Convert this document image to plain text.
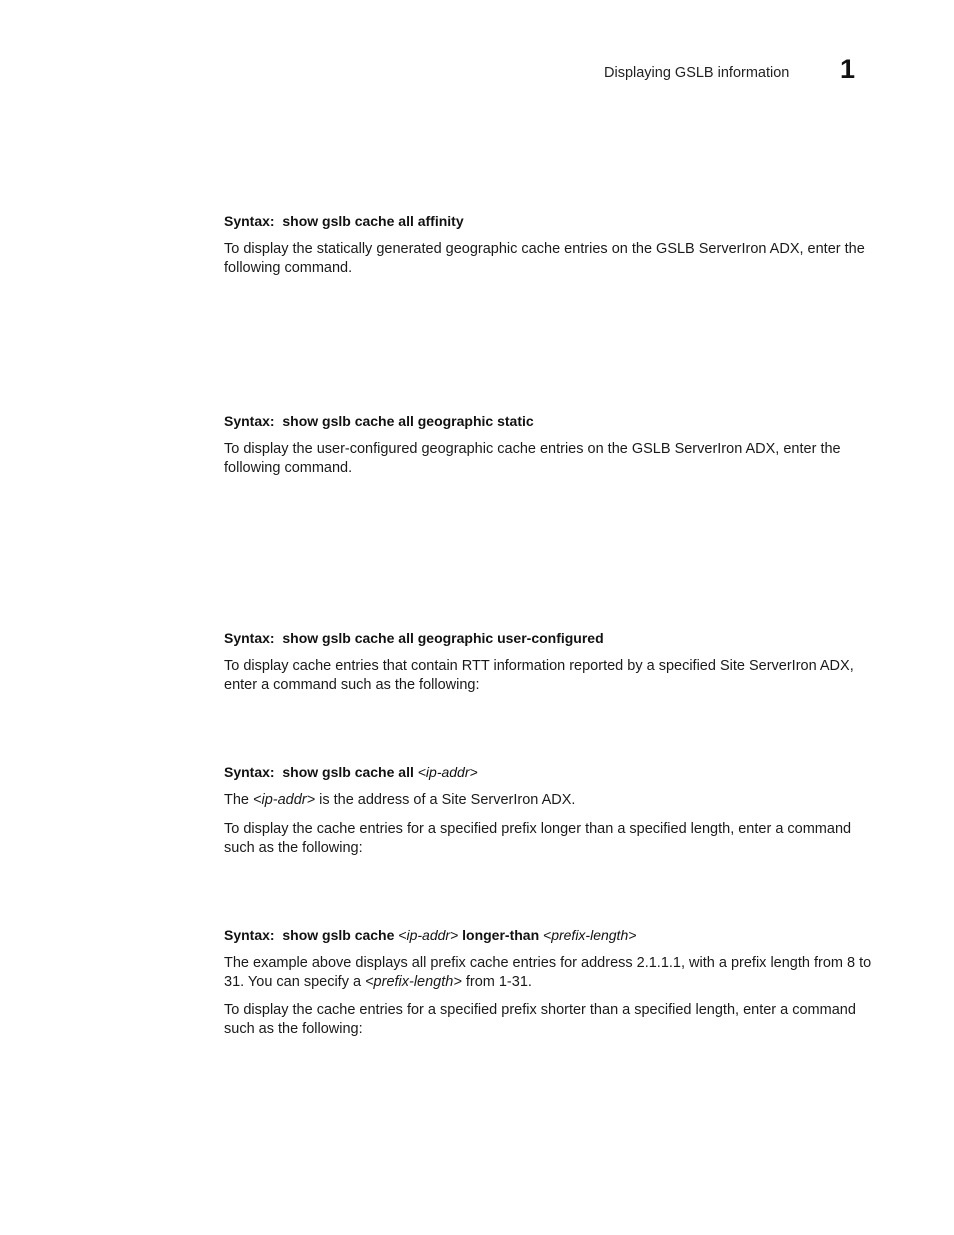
Displaying GSLB information 1
Syntax: show gslb cache all affinity
To display the statically generated geographic cache entries on the GSLB ServerIron ADX, enter the following command.
Syntax: show gslb cache all geographic static
To display the user-configured geographic cache entries on the GSLB ServerIron ADX, enter the following command.
Syntax: show gslb cache all geographic user-configured
To display cache entries that contain RTT information reported by a specified Site ServerIron ADX, enter a command such as the following:
Syntax: show gslb cache all <ip-addr>
The <ip-addr> is the address of a Site ServerIron ADX.
To display the cache entries for a specified prefix longer than a specified length, enter a command such as the following:
Syntax: show gslb cache <ip-addr> longer-than <prefix-length>
The example above displays all prefix cache entries for address 2.1.1.1, with a prefix length from 8 to 31. You can specify a <prefix-length> from 1-31.
To display the cache entries for a specified prefix shorter than a specified length, enter a command such as the following:
